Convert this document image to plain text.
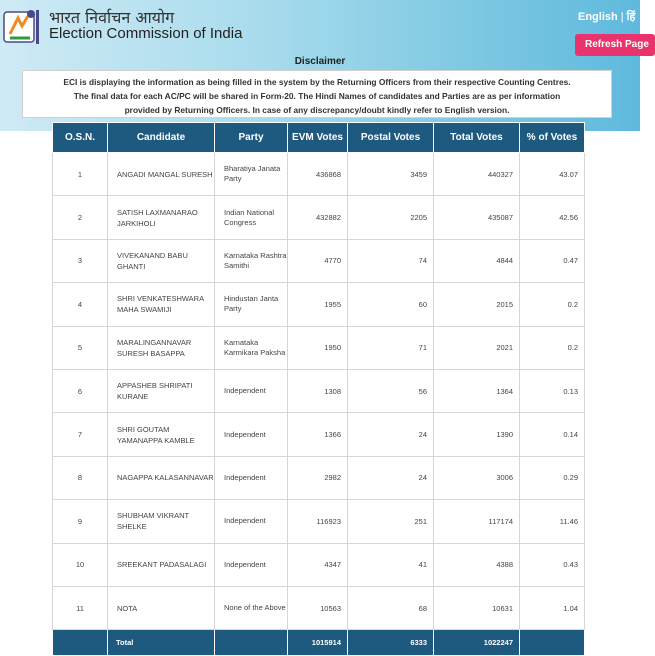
भारत निर्वाचन आयोग
Election Commission of India
English | हिं
Refresh Page
Disclaimer
ECI is displaying the information as being filled in the system by the Returning Officers from their respective Counting Centres.
The final data for each AC/PC will be shared in Form-20. The Hindi Names of candidates and Parties are as per information
provided by Returning Officers. In case of any discrepancy/doubt kindly refer to English version.
O.S.N.	Candidate	Party	EVM Votes	Postal Votes	Total Votes	% of Votes
1	ANGADI MANGAL SURESH	Bharatiya Janata Party	436868	3459	440327	43.07
2	SATISH LAXMANARAO JARKIHOLI	Indian National Congress	432882	2205	435087	42.56
3	VIVEKANAND BABU GHANTI	Karnataka Rashtra Samithi	4770	74	4844	0.47
4	SHRI VENKATESHWARA MAHA SWAMIJI	Hindustan Janta Party	1955	60	2015	0.2
5	MARALINGANNAVAR SURESH BASAPPA	Karnataka Karmikara Paksha	1950	71	2021	0.2
6	APPASHEB SHRIPATI KURANE	Independent	1308	56	1364	0.13
7	SHRI GOUTAM YAMANAPPA KAMBLE	Independent	1366	24	1390	0.14
8	NAGAPPA KALASANNAVAR	Independent	2982	24	3006	0.29
9	SHUBHAM VIKRANT SHELKE	Independent	116923	251	117174	11.46
10	SREEKANT PADASALAGI	Independent	4347	41	4388	0.43
11	NOTA	None of the Above	10563	68	10631	1.04
	Total		1015914	6333	1022247	
